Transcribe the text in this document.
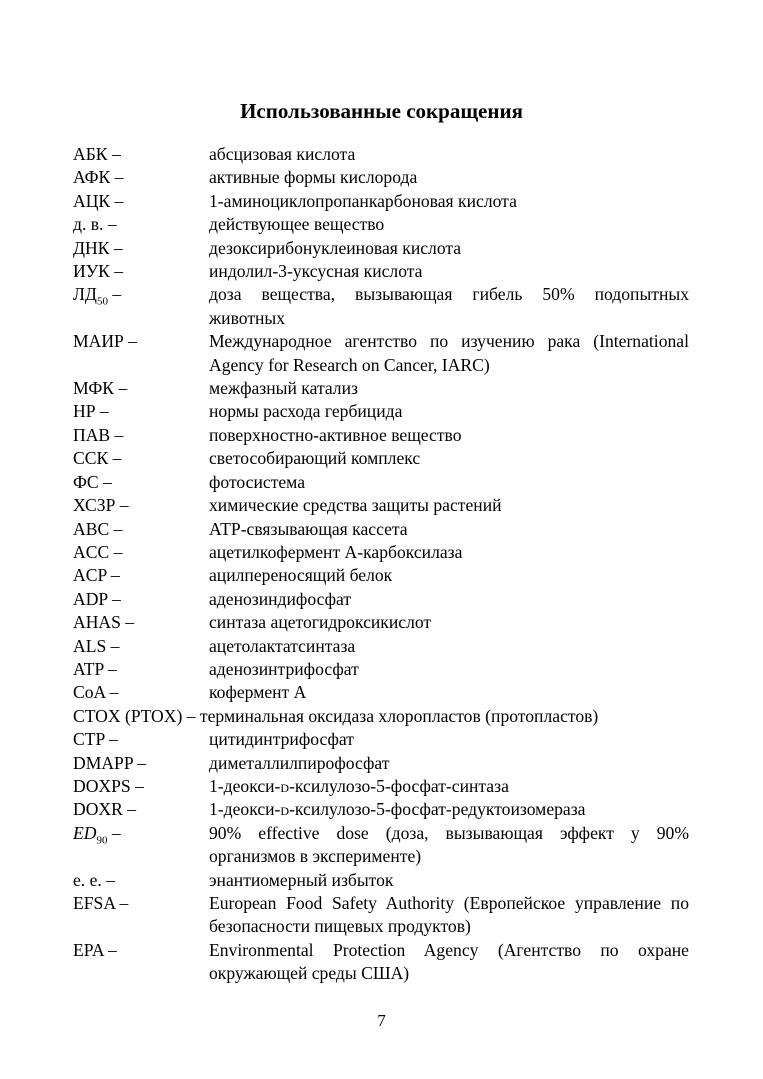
Использованные сокращения
АБК –	абсцизовая кислота
АФК –	активные формы кислорода
АЦК –	1-аминоциклопропанкарбоновая кислота
д. в. –	действующее вещество
ДНК –	дезоксирибонуклеиновая кислота
ИУК –	индолил-3-уксусная кислота
$ЛД_{50}$ –	доза вещества, вызывающая гибель 50% подопытных животных
МАИР –	Международное агентство по изучению рака (International Agency for Research on Cancer, IARC)
МФК –	межфазный катализ
НР –	нормы расхода гербицида
ПАВ –	поверхностно-активное вещество
ССК –	светособирающий комплекс
ФС –	фотосистема
ХСЗР –	химические средства защиты растений
ABC –	АТР-связывающая кассета
ACC –	ацетилкофермент А-карбоксилаза
ACP –	ацилпереносящий белок
ADP –	аденозиндифосфат
AHAS –	синтаза ацетогидроксикислот
ALS –	ацетолактатсинтаза
ATP –	аденозинтрифосфат
CoA –	кофермент А
CTOX (PTOX) – терминальная оксидаза хлоропластов (протопластов)
CTP –	цитидинтрифосфат
DMAPP –	диметаллилпирофосфат
DOXPS –	1-деокси-d-ксилулозо-5-фосфат-синтаза
DOXR –	1-деокси-d-ксилулозо-5-фосфат-редуктоизомераза
$ED_{90}$ –	90% effective dose (доза, вызывающая эффект у 90% организмов в эксперименте)
e. e. –	энантиомерный избыток
EFSA –	European Food Safety Authority (Европейское управление по безопасности пищевых продуктов)
EPA –	Environmental Protection Agency (Агентство по охране окружающей среды США)
7
